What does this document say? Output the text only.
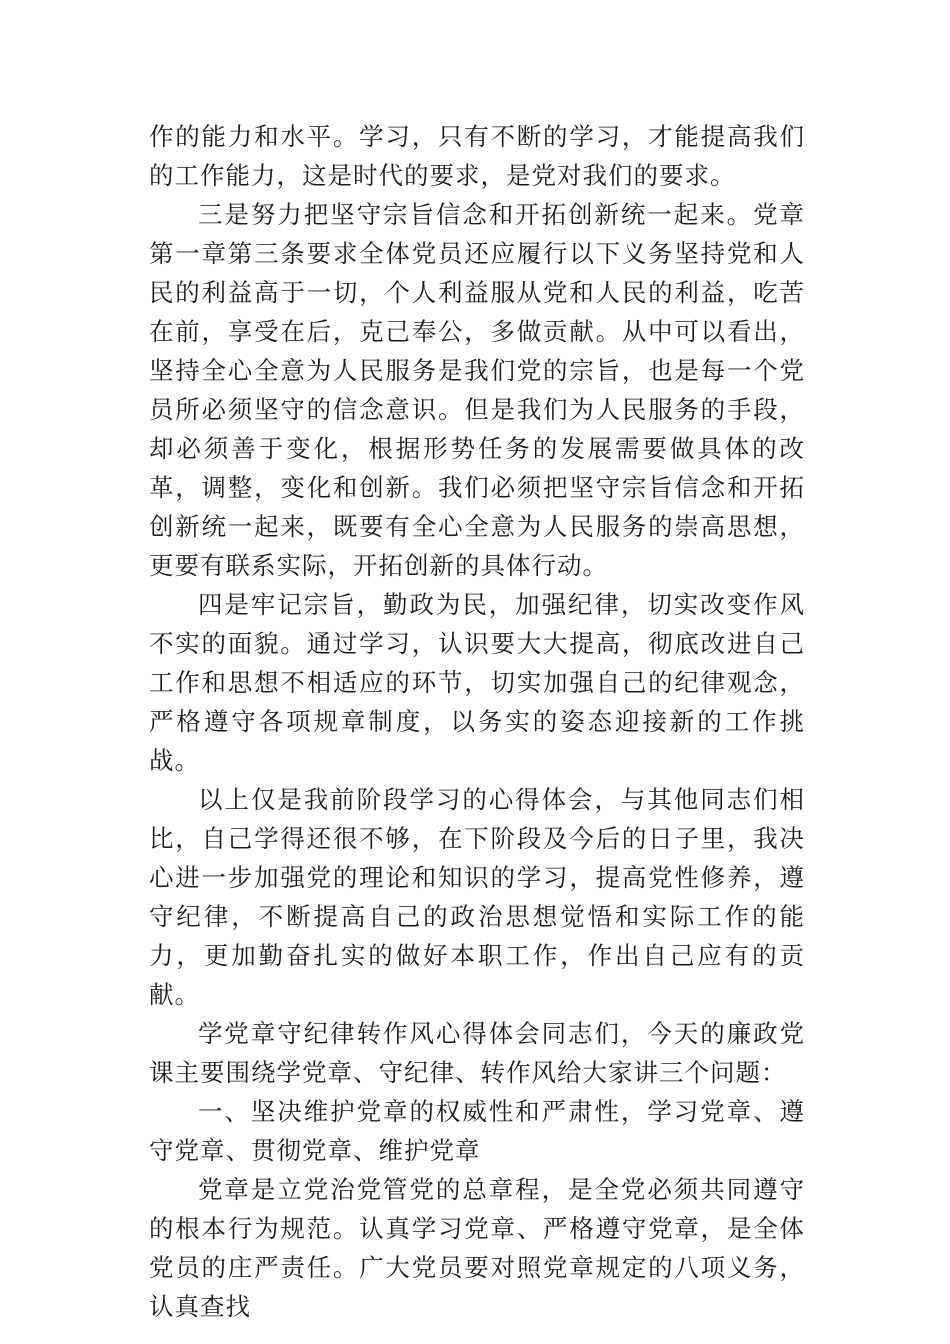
作的能力和水平。学习，只有不断的学习，才能提高我们的工作能力，这是时代的要求，是党对我们的要求。

三是努力把坚守宗旨信念和开拓创新统一起来。党章第一章第三条要求全体党员还应履行以下义务坚持党和人民的利益高于一切，个人利益服从党和人民的利益，吃苦在前，享受在后，克己奉公，多做贡献。从中可以看出，坚持全心全意为人民服务是我们党的宗旨，也是每一个党员所必须坚守的信念意识。但是我们为人民服务的手段，却必须善于变化，根据形势任务的发展需要做具体的改革，调整，变化和创新。我们必须把坚守宗旨信念和开拓创新统一起来，既要有全心全意为人民服务的崇高思想，更要有联系实际，开拓创新的具体行动。

四是牢记宗旨，勤政为民，加强纪律，切实改变作风不实的面貌。通过学习，认识要大大提高，彻底改进自己工作和思想不相适应的环节，切实加强自己的纪律观念，严格遵守各项规章制度，以务实的姿态迎接新的工作挑战。

以上仅是我前阶段学习的心得体会，与其他同志们相比，自己学得还很不够，在下阶段及今后的日子里，我决心进一步加强党的理论和知识的学习，提高党性修养，遵守纪律，不断提高自己的政治思想觉悟和实际工作的能力，更加勤奋扎实的做好本职工作，作出自己应有的贡献。

学党章守纪律转作风心得体会同志们，今天的廉政党课主要围绕学党章、守纪律、转作风给大家讲三个问题：

一、坚决维护党章的权威性和严肃性，学习党章、遵守党章、贯彻党章、维护党章

党章是立党治党管党的总章程，是全党必须共同遵守的根本行为规范。认真学习党章、严格遵守党章，是全体党员的庄严责任。广大党员要对照党章规定的八项义务，认真查找
